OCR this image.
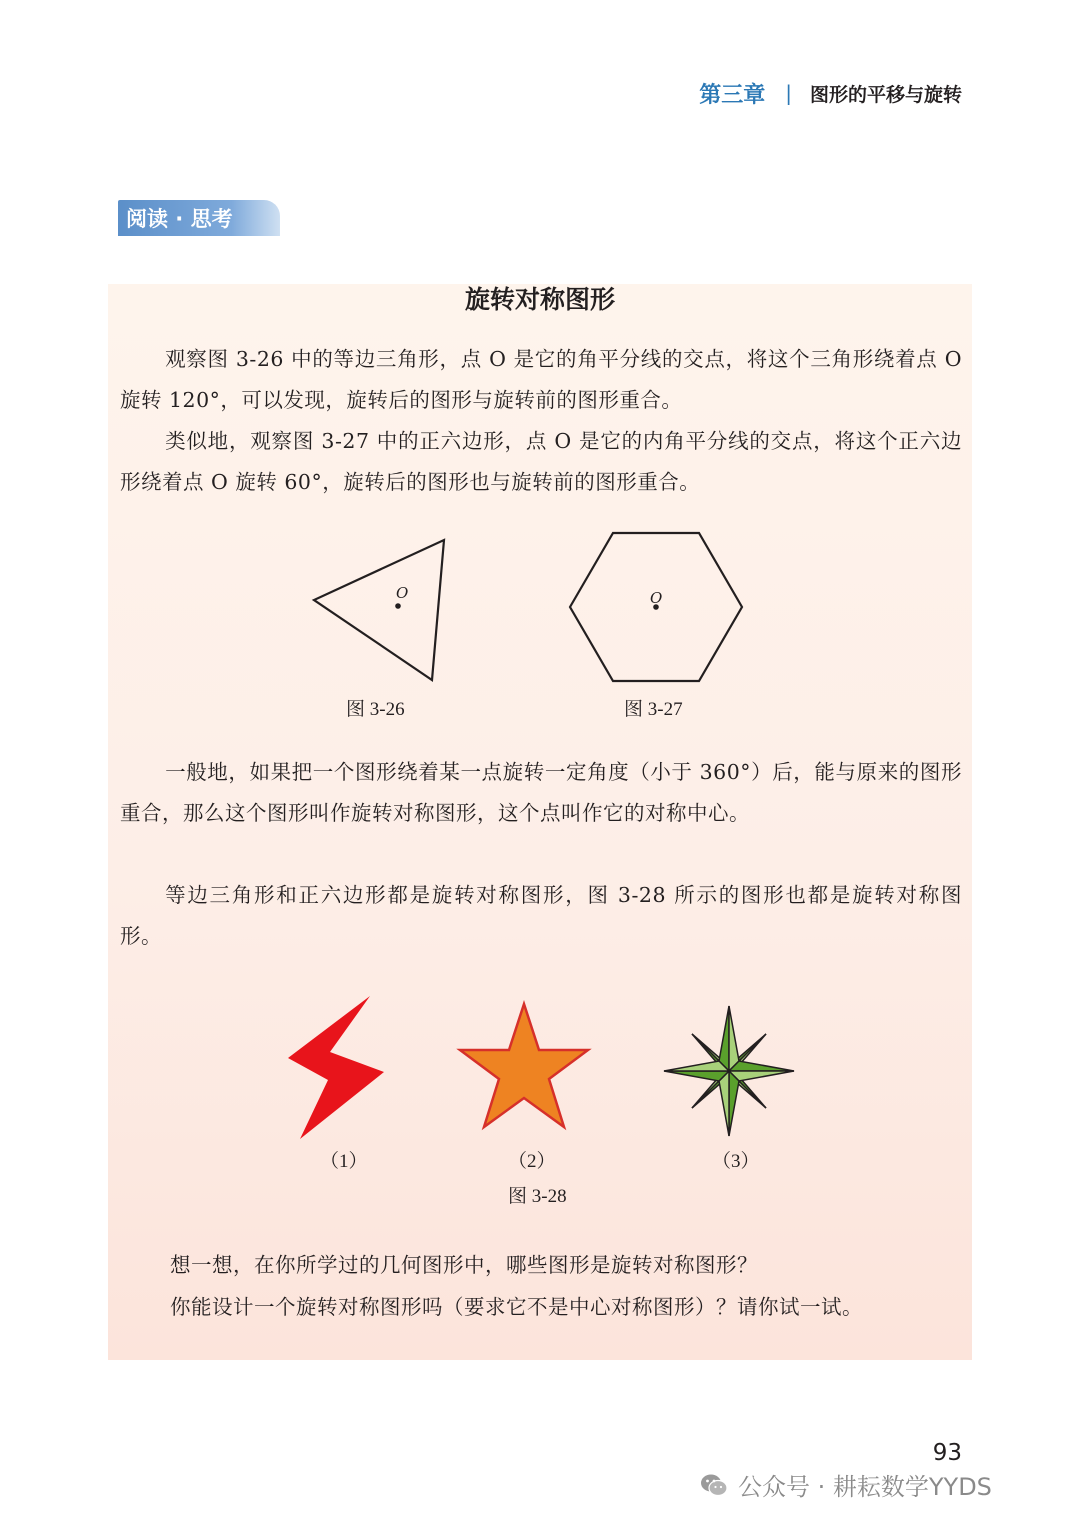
第三章 | 图形的平移与旋转
阅读 · 思考
旋转对称图形

观察图 3-26 中的等边三角形，点 O 是它的角平分线的交点，将这个三角形绕着点 O 旋转 120°，可以发现，旋转后的图形与旋转前的图形重合。

类似地，观察图 3-27 中的正六边形，点 O 是它的内角平分线的交点，将这个正六边形绕着点 O 旋转 60°，旋转后的图形也与旋转前的图形重合。

O
图 3-26
O
图 3-27

一般地，如果把一个图形绕着某一点旋转一定角度（小于 360°）后，能与原来的图形重合，那么这个图形叫作旋转对称图形，这个点叫作它的对称中心。

等边三角形和正六边形都是旋转对称图形，图 3-28 所示的图形也都是旋转对称图形。

（1）	（2）	（3）
图 3-28

想一想，在你所学过的几何图形中，哪些图形是旋转对称图形？

你能设计一个旋转对称图形吗（要求它不是中心对称图形）？请你试一试。

93
公众号 · 耕耘数学YYDS
